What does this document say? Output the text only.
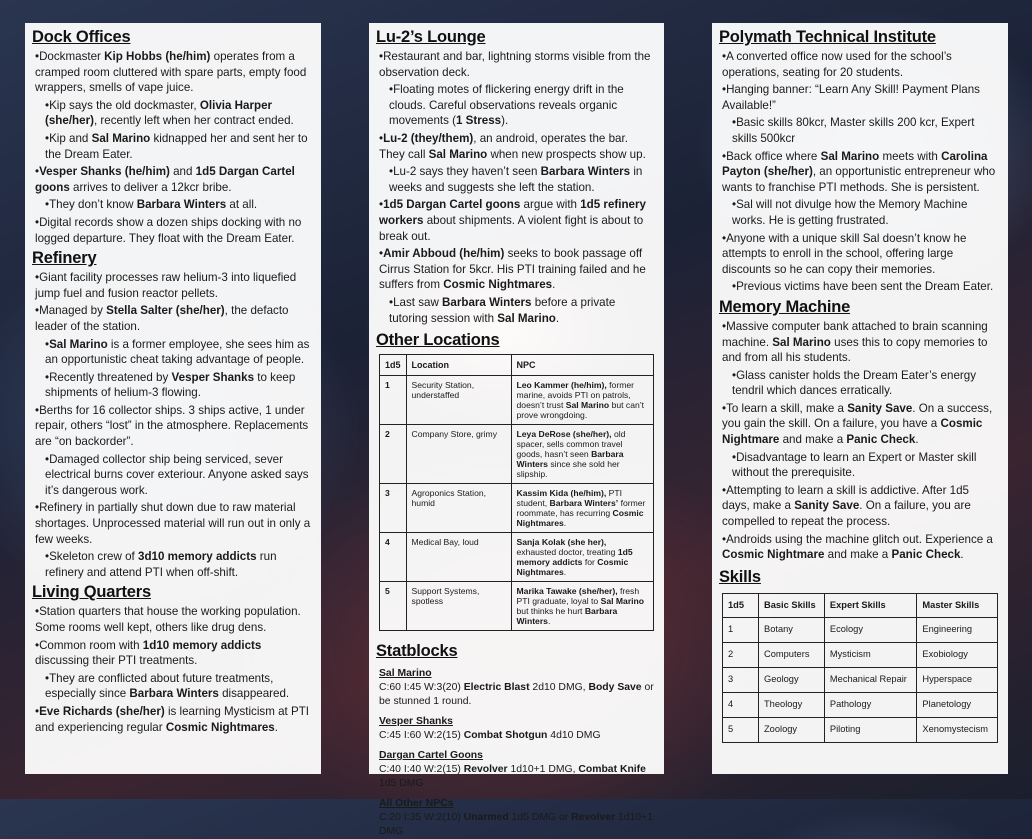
Dock Offices
• Dockmaster Kip Hobbs (he/him) operates from a cramped room cluttered with spare parts, empty food wrappers, smells of vape juice.
• Kip says the old dockmaster, Olivia Harper (she/her), recently left when her contract ended.
• Kip and Sal Marino kidnapped her and sent her to the Dream Eater.
• Vesper Shanks (he/him) and 1d5 Dargan Cartel goons arrives to deliver a 12kcr bribe.
• They don’t know Barbara Winters at all.
• Digital records show a dozen ships docking with no logged departure. They float with the Dream Eater.
Refinery
• Giant facility processes raw helium-3 into liquefied jump fuel and fusion reactor pellets.
• Managed by Stella Salter (she/her), the defacto leader of the station.
• Sal Marino is a former employee, she sees him as an opportunistic cheat taking advantage of people.
• Recently threatened by Vesper Shanks to keep shipments of helium-3 flowing.
• Berths for 16 collector ships. 3 ships active, 1 under repair, others “lost” in the atmosphere. Replacements are “on backorder”.
• Damaged collector ship being serviced, sever electrical burns cover exteriour. Anyone asked says it’s dangerous work.
• Refinery in partially shut down due to raw material shortages. Unprocessed material will run out in only a few weeks.
• Skeleton crew of 3d10 memory addicts run refinery and attend PTI when off-shift.
Living Quarters
• Station quarters that house the working population. Some rooms well kept, others like drug dens.
• Common room with 1d10 memory addicts discussing their PTI treatments.
• They are conflicted about future treatments, especially since Barbara Winters disappeared.
• Eve Richards (she/her) is learning Mysticism at PTI and experiencing regular Cosmic Nightmares.
Lu-2’s Lounge
• Restaurant and bar, lightning storms visible from the observation deck.
• Floating motes of flickering energy drift in the clouds. Careful observations reveals organic movements (1 Stress).
• Lu-2 (they/them), an android, operates the bar. They call Sal Marino when new prospects show up.
• Lu-2 says they haven’t seen Barbara Winters in weeks and suggests she left the station.
• 1d5 Dargan Cartel goons argue with 1d5 refinery workers about shipments. A violent fight is about to break out.
• Amir Abboud (he/him) seeks to book passage off Cirrus Station for 5kcr. His PTI training failed and he suffers from Cosmic Nightmares.
• Last saw Barbara Winters before a private tutoring session with Sal Marino.
Other Locations
1d5	Location	NPC
1	Security Station, understaffed	Leo Kammer (he/him), former marine, avoids PTI on patrols, doesn’t trust Sal Marino but can’t prove wrongdoing.
2	Company Store, grimy	Leya DeRose (she/her), old spacer, sells common travel goods, hasn’t seen Barbara Winters since she sold her slipship.
3	Agroponics Station, humid	Kassim Kida (he/him), PTI student, Barbara Winters’ former roommate, has recurring Cosmic Nightmares.
4	Medical Bay, loud	Sanja Kolak (she her), exhausted doctor, treating 1d5 memory addicts for Cosmic Nightmares.
5	Support Systems, spotless	Marika Tawake (she/her), fresh PTI graduate, loyal to Sal Marino but thinks he hurt Barbara Winters.
Statblocks
Sal Marino
C:60 I:45 W:3(20) Electric Blast 2d10 DMG, Body Save or be stunned 1 round.
Vesper Shanks
C:45 I:60 W:2(15) Combat Shotgun 4d10 DMG
Dargan Cartel Goons
C:40 I:40 W:2(15) Revolver 1d10+1 DMG, Combat Knife 1d5 DMG
All Other NPCs
C:20 I:35 W:2(10) Unarmed 1d5 DMG or Revolver 1d10+1 DMG
Polymath Technical Institute
• A converted office now used for the school’s operations, seating for 20 students.
• Hanging banner: “Learn Any Skill! Payment Plans Available!”
• Basic skills 80kcr, Master skills 200 kcr, Expert skills 500kcr
• Back office where Sal Marino meets with Carolina Payton (she/her), an opportunistic entrepreneur who wants to franchise PTI methods. She is persistent.
• Sal will not divulge how the Memory Machine works. He is getting frustrated.
• Anyone with a unique skill Sal doesn’t know he attempts to enroll in the school, offering large discounts so he can copy their memories.
• Previous victims have been sent the Dream Eater.
Memory Machine
• Massive computer bank attached to brain scanning machine. Sal Marino uses this to copy memories to and from all his students.
• Glass canister holds the Dream Eater’s energy tendril which dances erratically.
• To learn a skill, make a Sanity Save. On a success, you gain the skill. On a failure, you have a Cosmic Nightmare and make a Panic Check.
• Disadvantage to learn an Expert or Master skill without the prerequisite.
• Attempting to learn a skill is addictive. After 1d5 days, make a Sanity Save. On a failure, you are compelled to repeat the process.
• Androids using the machine glitch out. Experience a Cosmic Nightmare and make a Panic Check.
Skills
1d5	Basic Skills	Expert Skills	Master Skills
1	Botany	Ecology	Engineering
2	Computers	Mysticism	Exobiology
3	Geology	Mechanical Repair	Hyperspace
4	Theology	Pathology	Planetology
5	Zoology	Piloting	Xenomystecism
